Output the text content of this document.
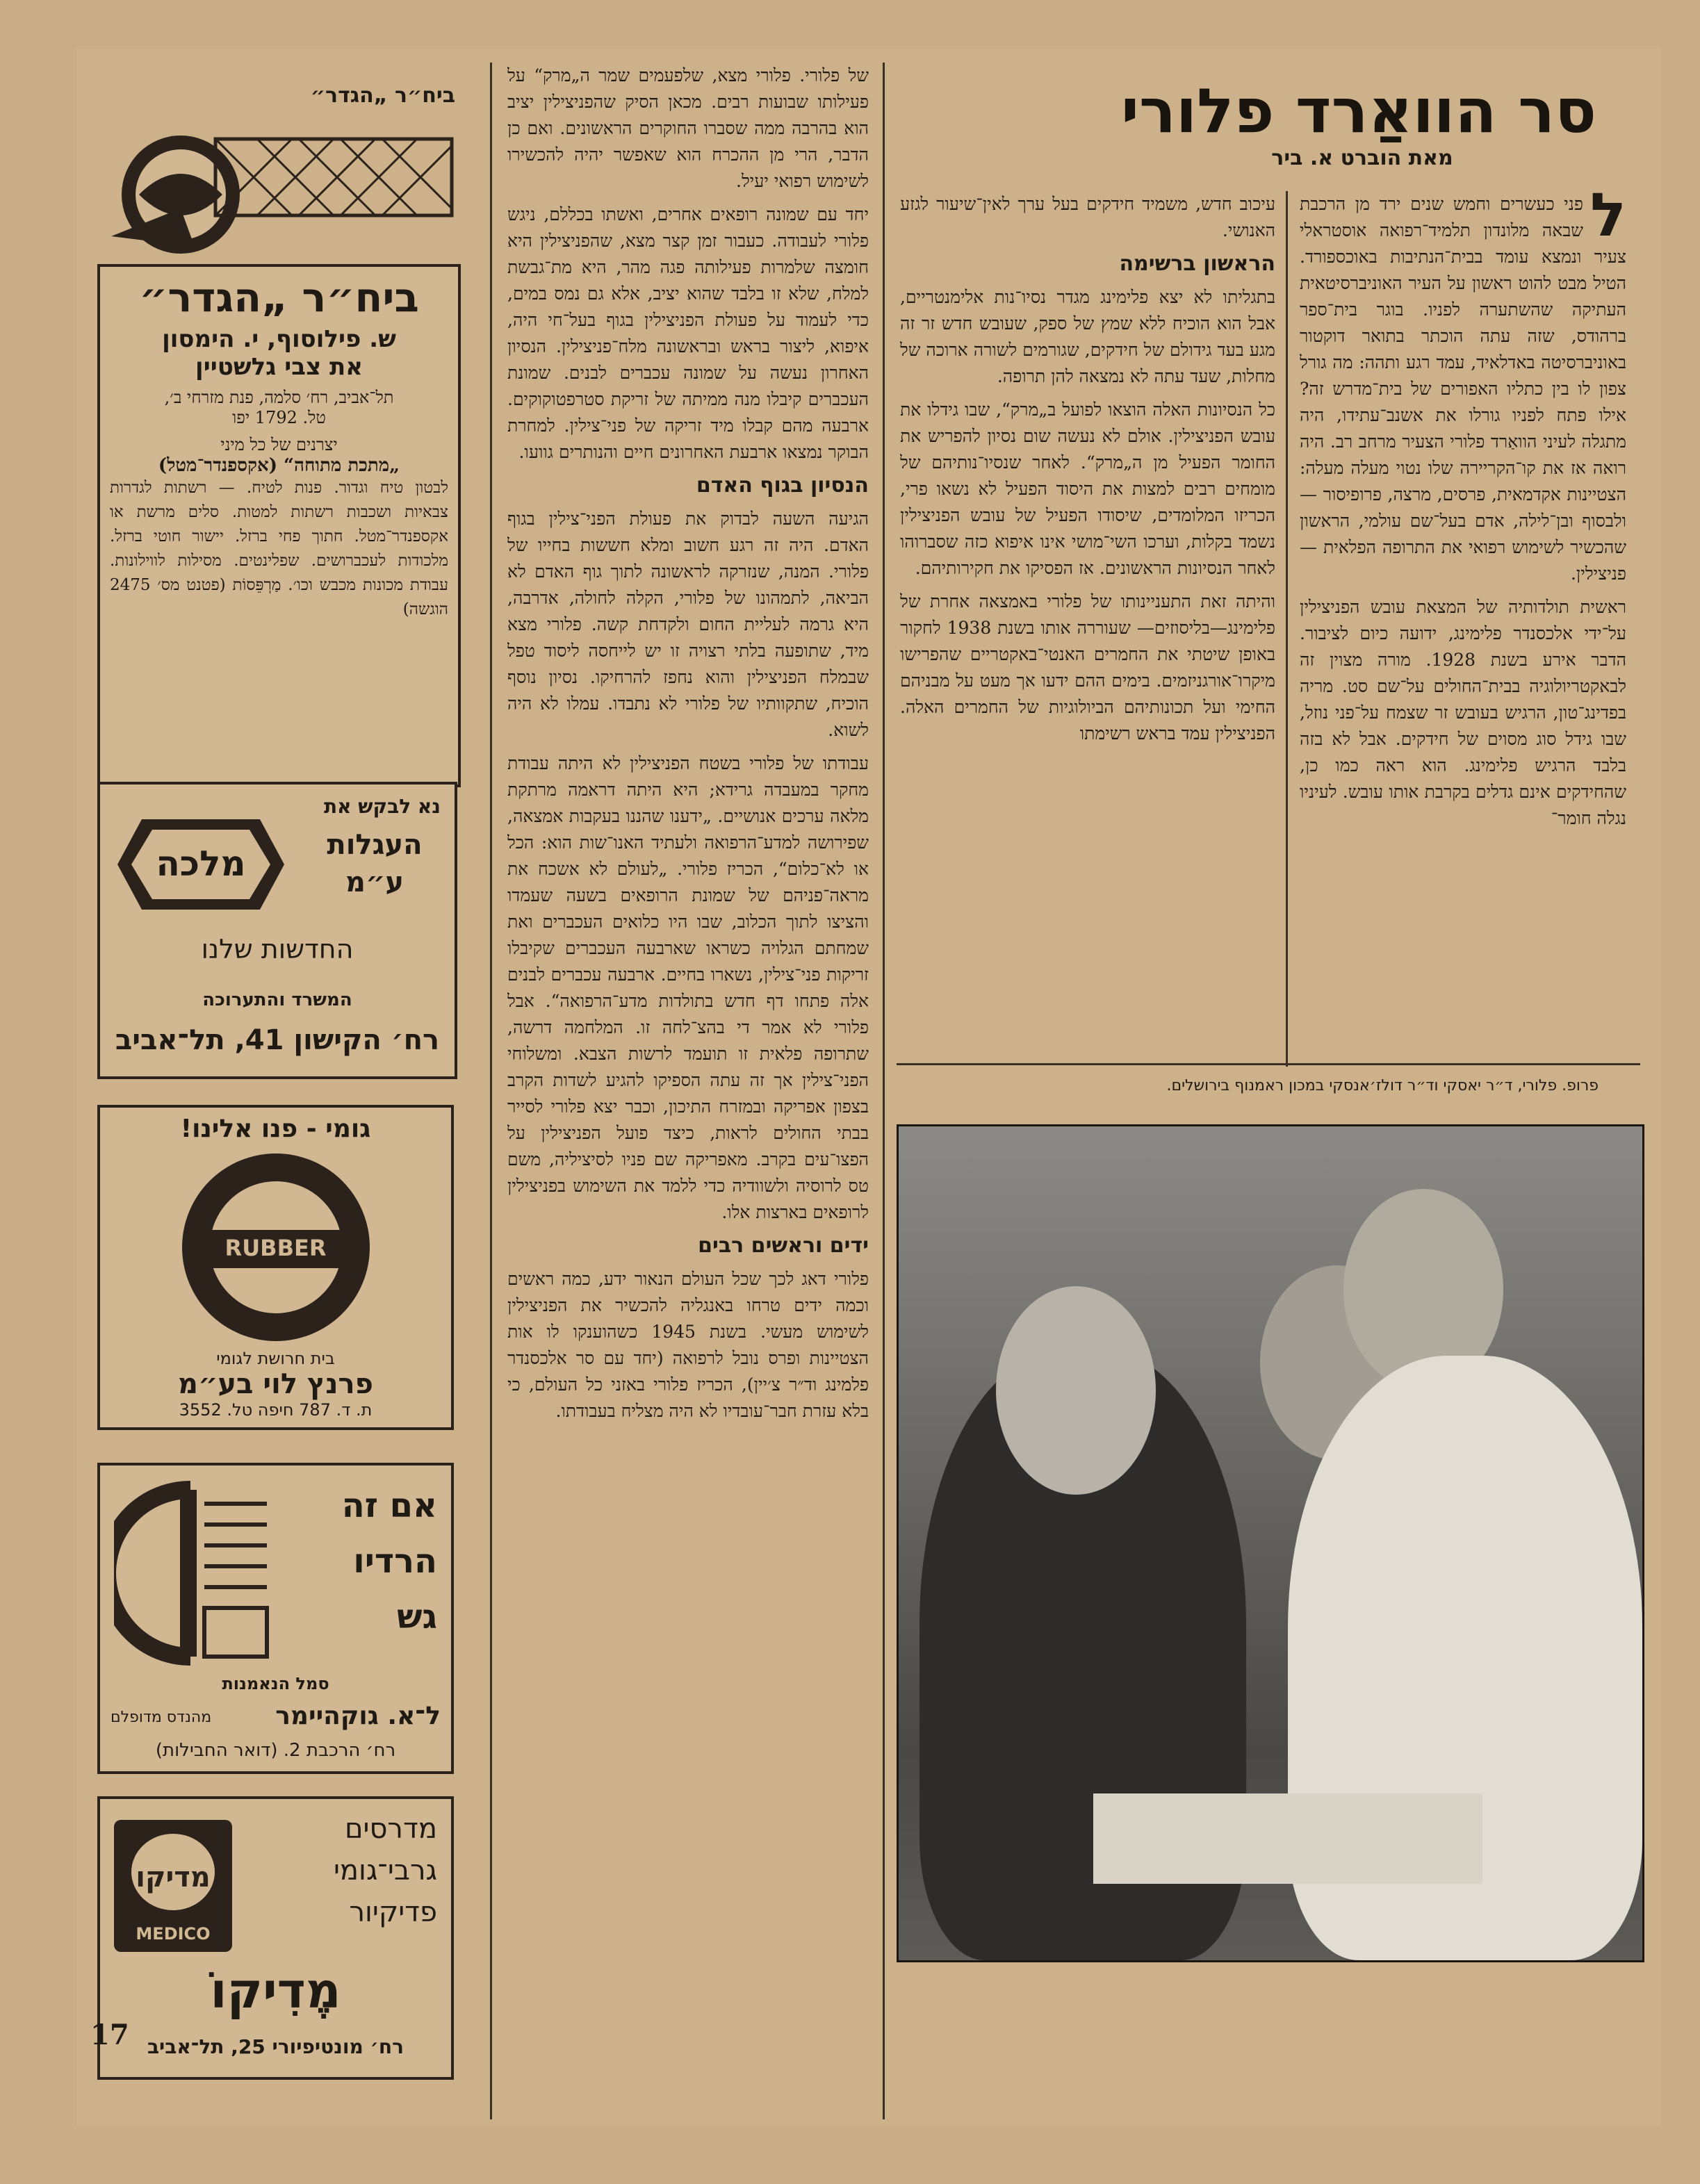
סר הוואַרד פלורי
מאת הוברט א. ביר

ל
פני כעשרים וחמש שנים ירד מן הרכבת שבאה מלונדון תלמיד־רפואה אוסטראלי צעיר ונמצא עומד בבית־הנתיבות באוכספורד. הטיל מבט להוט ראשון על העיר האוניברסיטאית העתיקה שהשתערה לפניו. בוגר בית־ספר ברהודס, שזה עתה הוכתר בתואר דוקטור באוניברסיטה באדלאיד, עמד רגע ותהה: מה גורל צפון לו בין כתליו האפורים של בית־מדרש זה? אילו פתח לפניו גורלו את אשנב־עתידו, היה מתגלה לעיני הוואַרד פלורי הצעיר מרחב רב. היה רואה אז את קו־הקריירה שלו נטוי מעלה מעלה: הצטיינות אקדמאית, פרסים, מרצה, פרופיסור — ולבסוף ובן־לילה, אדם בעל־שם עולמי, הראשון שהכשיר לשימוש רפואי את התרופה הפלאית — פניצילין.

ראשית תולדותיה של המצאת עובש הפניצילין על־ידי אלכסנדר פלימינג, ידועה כיום לציבור. הדבר אירע בשנת 1928. מורה מצוין זה לבאקטריולוגיה בבית־החולים על־שם סט. מריה בפדינג־טון, הרגיש בעובש זר שצמח על־פני נוזל, שבו גידל סוג מסוים של חידקים. אבל לא בזה בלבד הרגיש פלימינג. הוא ראה כמו כן, שהחידקים אינם גדלים בקרבת אותו עובש. לעיניו נגלה חומר־

עיכוב חדש, משמיד חידקים בעל ערך לאין־שיעור לגזע האנושי.

הראשון ברשימה

בתגליתו לא יצא פלימינג מגדר נסיו־נות אלימנטריים, אבל הוא הוכיח ללא שמץ של ספק, שעובש חדש זר זה מגע בעד גידולם של חידקים, שגורמים לשורה ארוכה של מחלות, שעד עתה לא נמצאה להן תרופה.

כל הנסיונות האלה הוצאו לפועל ב„מרק“, שבו גידלו את עובש הפניצילין. אולם לא נעשה שום נסיון להפריש את החומר הפעיל מן ה„מרק“. לאחר שנסיו־נותיהם של מומחים רבים למצות את היסוד הפעיל לא נשאו פרי, הכריזו המלומדים, שיסודו הפעיל של עובש הפניצילין נשמד בקלות, וערכו השי־מושי אינו איפוא כזה שסברוהו לאחר הנסיונות הראשונים. אז הפסיקו את חקירותיהם.

והיתה זאת התעניינותו של פלורי באמצאה אחרת של פלימינג—בליסוזים— שעוררה אותו בשנת 1938 לחקור באופן שיטתי את החמרים האנטי־באקטריים שהפרישו מיקרו־אורגניזמים. בימים ההם ידעו אך מעט על מבניהם החימי ועל תכונותיהם הביולוגיות של החמרים האלה. הפניצילין עמד בראש רשימתו

של פלורי. פלורי מצא, שלפעמים שמר ה„מרק“ על פעילותו שבועות רבים. מכאן הסיק שהפניצילין יציב הוא בהרבה ממה שסברו החוקרים הראשונים. ואם כן הדבר, הרי מן ההכרח הוא שאפשר יהיה להכשירו לשימוש רפואי יעיל.

יחד עם שמונה רופאים אחרים, ואשתו בכללם, ניגש פלורי לעבודה. כעבור זמן קצר מצא, שהפניצילין היא חומצה שלמרות פעילותה פגה מהר, היא מת־גבשת למלח, שלא זו בלבד שהוא יציב, אלא גם נמס במים, כדי לעמוד על פעולת הפניצילין בגוף בעל־חי היה, איפוא, ליצור בראש ובראשונה מלח־פניצילין. הנסיון האחרון נעשה על שמונה עכברים לבנים. שמונת העכברים קיבלו מנה ממיתה של זריקת סטרפטוקוקים. ארבעה מהם קבלו מיד זריקה של פני־צילין. למחרת הבוקר נמצאו ארבעת האחרונים חיים והנותרים גוועו.

הנסיון בגוף האדם

הגיעה השעה לבדוק את פעולת הפני־צילין בגוף האדם. היה זה רגע חשוב ומלא חששות בחייו של פלורי. המנה, שנזרקה לראשונה לתוך גוף האדם לא הביאה, לתמהונו של פלורי, הקלה לחולה, אדרבה, היא גרמה לעליית החום ולקדחת קשה. פלורי מצא מיד, שתופעה בלתי רצויה זו יש לייחסה ליסוד טפל שבמלח הפניצילין והוא נחפז להרחיקו. נסיון נוסף הוכיח, שתקוותיו של פלורי לא נתבדו. עמלו לא היה לשוא.

עבודתו של פלורי בשטח הפניצילין לא היתה עבודת מחקר במעבדה גרידא; היא היתה דראמה מרתקת מלאה ערכים אנושיים. „ידענו שהננו בעקבות אמצאה, שפירושה למדע־הרפואה ולעתיד האנו־שות הוא: הכל או לא־כלום“, הכריז פלורי. „לעולם לא אשכח את מראה־פניהם של שמונת הרופאים בשעה שעמדו והציצו לתוך הכלוב, שבו היו כלואים העכברים ואת שמחתם הגלויה כשראו שארבעה העכברים שקיבלו זריקות פני־צילין, נשארו בחיים. ארבעה עכברים לבנים אלה פתחו דף חדש בתולדות מדע־הרפואה“. אבל פלורי לא אמר די בהצ־לחה זו. המלחמה דרשה, שתרופה פלאית זו תועמד לרשות הצבא. ומשלוחי הפני־צילין אך זה עתה הספיקו להגיע לשדות הקרב בצפון אפריקה ובמזרח התיכון, וכבר יצא פלורי לסייר בבתי החולים לראות, כיצד פועל הפניצילין על הפצו־עים בקרב. מאפריקה שם פניו לסיציליה, משם טס לרוסיה ולשוודיה כדי ללמד את השימוש בפניצילין לרופאים בארצות אלו.

ידים וראשים רבים

פלורי דאג לכך שכל העולם הנאור ידע, כמה ראשים וכמה ידים טרחו באנגליה להכשיר את הפניצילין לשימוש מעשי. בשנת 1945 כשהוענקו לו אות הצטיינות ופרס נובל לרפואה (יחד עם סר אלכסנדר פלמינג וד״ר צ׳יין), הכריז פלורי באזני כל העולם, כי בלא עזרת חבר־עובדיו לא היה מצליח בעבודתו.

פרופ. פלורי, ד״ר יאסקי וד״ר דולז׳אנסקי במכון ראמנוף בירושלים.
ביח״ר „הגדר״
ביח״ר „הגדר״
ש. פילוסוף, י. הימסון
את צבי גלשטיין
תל־אביב, רח׳ סלמה, פנת מזרחי ב׳,
טל. 1792 יפו
יצרנים של כל מיני
„מתכת מתוחה“ (אקספנדר־מטל)
לבטון טיח וגדור. פנות לטיח. — רשתות לגדרות צבאיות ושכבות רשתות למטות. סלים מרשת או אקספנדר־מטל. חתוך פחי ברזל. יישור חוטי ברזל. מלכודות לעכברושים. שפלינטים. מסילות לווילונות. עבודת מכונות מכבש וכו׳. מַרְפֵּסוֹת (פטנט מס׳ 2475 הוגשה)
מלכה
נא לבקש את
העגלות ע״מ
החדשות שלנו
המשרד והתערוכה
רח׳ הקישון 41, תל־אביב
גומי - פנו אלינו!
RUBBER
בית חרושת לגומי
פרנץ לוי בע״מ
ת. ד. 787 חיפה טל. 3552
אם זה
הרדיו
גש
סמל הנאמנות
ל־א. גוקהיימר
מהנדס מדופלם
רח׳ הרכבת 2. (דואר החבילות)
מדיקו
MEDICO
מדרסים
גרבי־גומי
פדיקיור
מֶדִיקוֹ
רח׳ מונטיפיורי 25, תל־אביב
17
